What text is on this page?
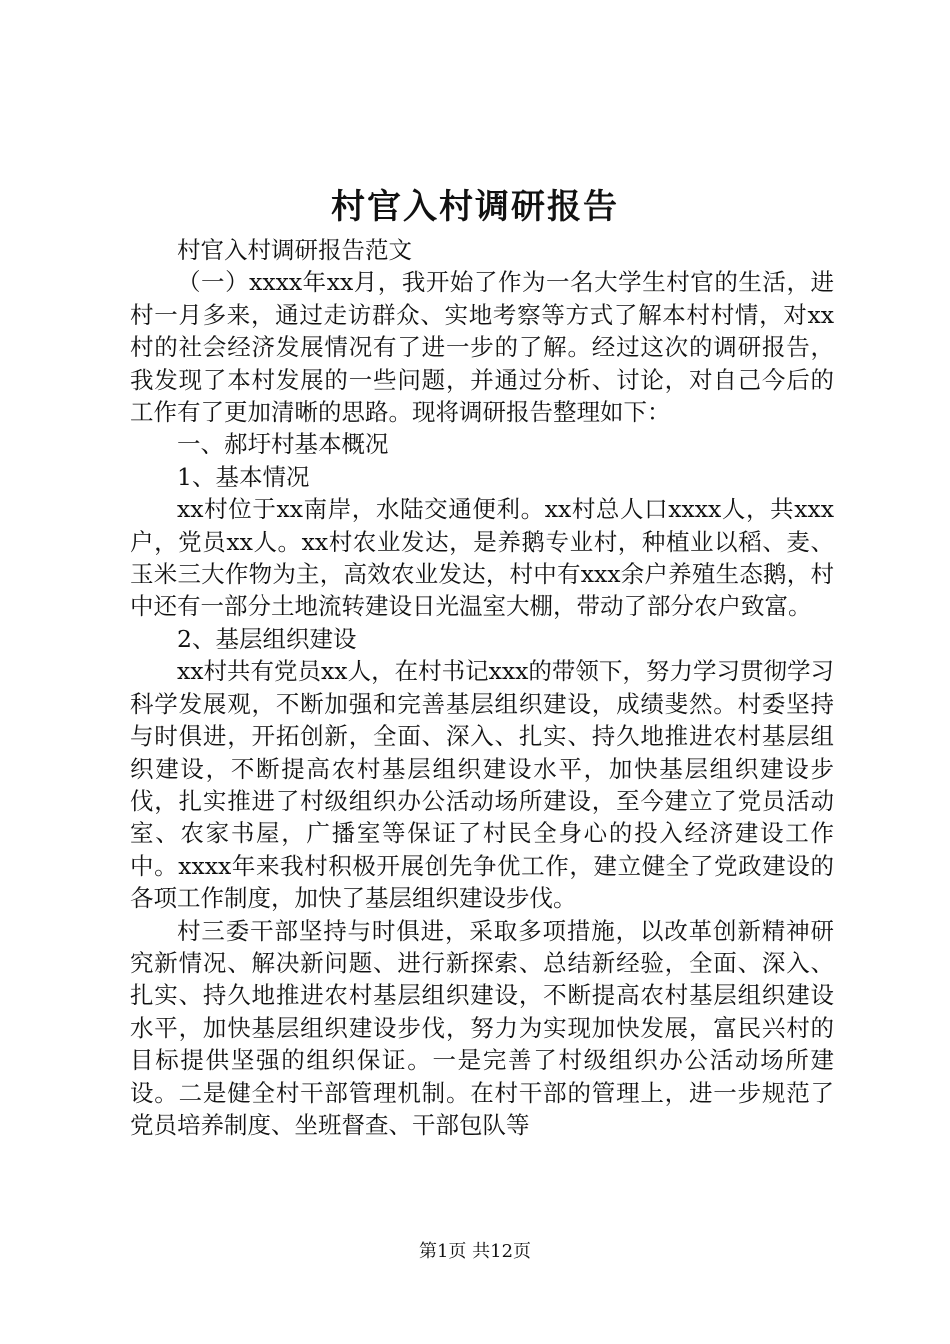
村官入村调研报告

村官入村调研报告范文

（一）xxxx年xx月，我开始了作为一名大学生村官的生活，进村一月多来，通过走访群众、实地考察等方式了解本村村情，对xx村的社会经济发展情况有了进一步的了解。经过这次的调研报告，我发现了本村发展的一些问题，并通过分析、讨论，对自己今后的工作有了更加清晰的思路。现将调研报告整理如下：

一、郝圩村基本概况

1、基本情况

xx村位于xx南岸，水陆交通便利。xx村总人口xxxx人，共xxx户，党员xx人。xx村农业发达，是养鹅专业村，种植业以稻、麦、玉米三大作物为主，高效农业发达，村中有xxx余户养殖生态鹅，村中还有一部分土地流转建设日光温室大棚，带动了部分农户致富。

2、基层组织建设

xx村共有党员xx人，在村书记xxx的带领下，努力学习贯彻学习科学发展观，不断加强和完善基层组织建设，成绩斐然。村委坚持与时俱进，开拓创新，全面、深入、扎实、持久地推进农村基层组织建设，不断提高农村基层组织建设水平，加快基层组织建设步伐，扎实推进了村级组织办公活动场所建设，至今建立了党员活动室、农家书屋，广播室等保证了村民全身心的投入经济建设工作中。xxxx年来我村积极开展创先争优工作，建立健全了党政建设的各项工作制度，加快了基层组织建设步伐。

村三委干部坚持与时俱进，采取多项措施，以改革创新精神研究新情况、解决新问题、进行新探索、总结新经验，全面、深入、扎实、持久地推进农村基层组织建设，不断提高农村基层组织建设水平，加快基层组织建设步伐，努力为实现加快发展，富民兴村的目标提供坚强的组织保证。一是完善了村级组织办公活动场所建设。二是健全村干部管理机制。在村干部的管理上，进一步规范了党员培养制度、坐班督查、干部包队等

第1页 共12页
